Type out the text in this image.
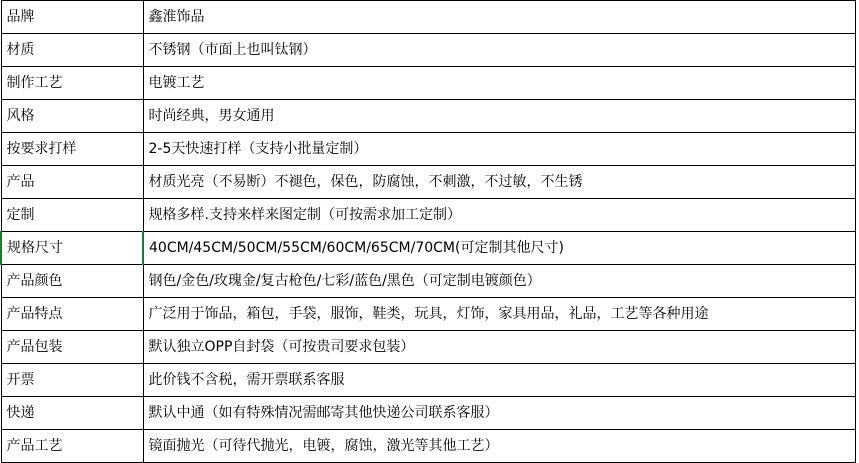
品牌	鑫淮饰品
材质	不锈钢（市面上也叫钛钢）
制作工艺	电镀工艺
风格	时尚经典，男女通用
按要求打样	2-5天快速打样（支持小批量定制）
产品	材质光亮（不易断）不褪色，保色，防腐蚀，不刺激，不过敏，不生锈
定制	规格多样.支持来样来图定制（可按需求加工定制）
规格尺寸	40CM/45CM/50CM/55CM/60CM/65CM/70CM(可定制其他尺寸)
产品颜色	钢色/金色/玫瑰金/复古枪色/七彩/蓝色/黑色（可定制电镀颜色）
产品特点	广泛用于饰品，箱包，手袋，服饰，鞋类，玩具，灯饰，家具用品，礼品，工艺等各种用途
产品包装	默认独立OPP自封袋（可按贵司要求包装）
开票	此价钱不含税，需开票联系客服
快递	默认中通（如有特殊情况需邮寄其他快递公司联系客服）
产品工艺	镜面抛光（可待代抛光，电镀，腐蚀，激光等其他工艺）
